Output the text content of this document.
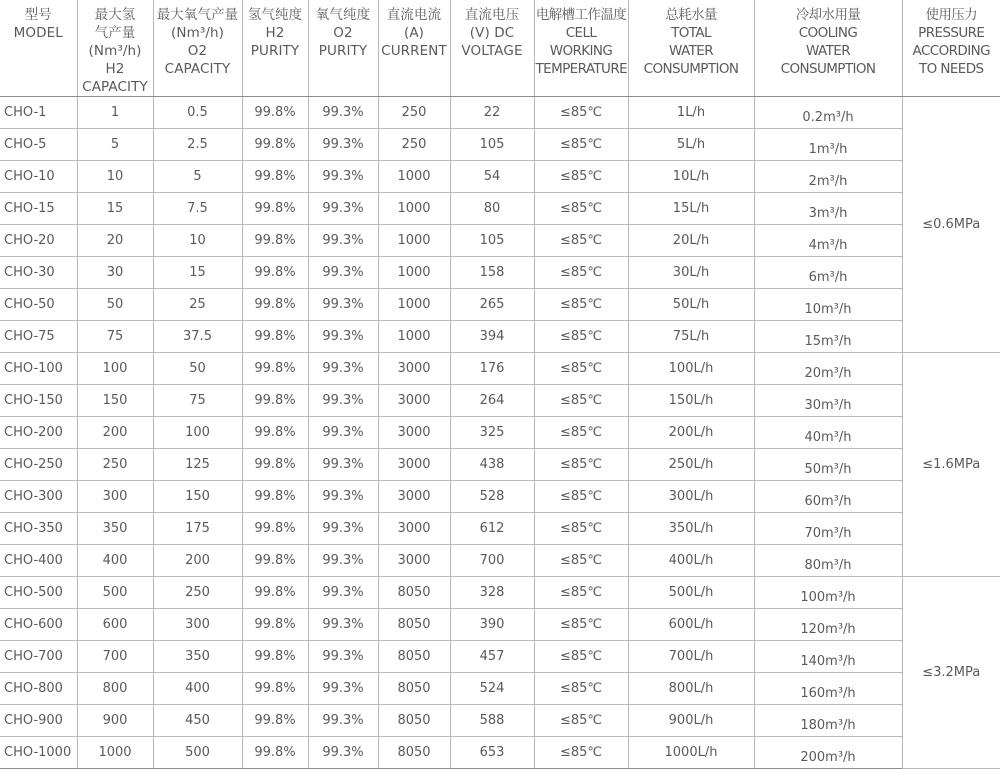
型号
MODEL	最大氢
气产量
(Nm³/h)
H2
CAPACITY	最大氧气产量
(Nm³/h)
O2
CAPACITY	氢气纯度
H2
PURITY	氧气纯度
O2
PURITY	直流电流
(A)
CURRENT	直流电压
(V) DC
VOLTAGE	电解槽工作温度
CELL
WORKING
TEMPERATURE	总耗水量
TOTAL
WATER
CONSUMPTION	冷却水用量
COOLING
WATER
CONSUMPTION	使用压力
PRESSURE
ACCORDING
TO NEEDS

CHO-1	1	0.5	99.8%	99.3%	250	22	≤85℃	1L/h	0.2m³/h	≤0.6MPa
CHO-5	5	2.5	99.8%	99.3%	250	105	≤85℃	5L/h	1m³/h	
CHO-10	10	5	99.8%	99.3%	1000	54	≤85℃	10L/h	2m³/h	
CHO-15	15	7.5	99.8%	99.3%	1000	80	≤85℃	15L/h	3m³/h	
CHO-20	20	10	99.8%	99.3%	1000	105	≤85℃	20L/h	4m³/h	
CHO-30	30	15	99.8%	99.3%	1000	158	≤85℃	30L/h	6m³/h	
CHO-50	50	25	99.8%	99.3%	1000	265	≤85℃	50L/h	10m³/h	
CHO-75	75	37.5	99.8%	99.3%	1000	394	≤85℃	75L/h	15m³/h	
CHO-100	100	50	99.8%	99.3%	3000	176	≤85℃	100L/h	20m³/h	≤1.6MPa
CHO-150	150	75	99.8%	99.3%	3000	264	≤85℃	150L/h	30m³/h	
CHO-200	200	100	99.8%	99.3%	3000	325	≤85℃	200L/h	40m³/h	
CHO-250	250	125	99.8%	99.3%	3000	438	≤85℃	250L/h	50m³/h	
CHO-300	300	150	99.8%	99.3%	3000	528	≤85℃	300L/h	60m³/h	
CHO-350	350	175	99.8%	99.3%	3000	612	≤85℃	350L/h	70m³/h	
CHO-400	400	200	99.8%	99.3%	3000	700	≤85℃	400L/h	80m³/h	
CHO-500	500	250	99.8%	99.3%	8050	328	≤85℃	500L/h	100m³/h	≤3.2MPa
CHO-600	600	300	99.8%	99.3%	8050	390	≤85℃	600L/h	120m³/h	
CHO-700	700	350	99.8%	99.3%	8050	457	≤85℃	700L/h	140m³/h	
CHO-800	800	400	99.8%	99.3%	8050	524	≤85℃	800L/h	160m³/h	
CHO-900	900	450	99.8%	99.3%	8050	588	≤85℃	900L/h	180m³/h	
CHO-1000	1000	500	99.8%	99.3%	8050	653	≤85℃	1000L/h	200m³/h	
